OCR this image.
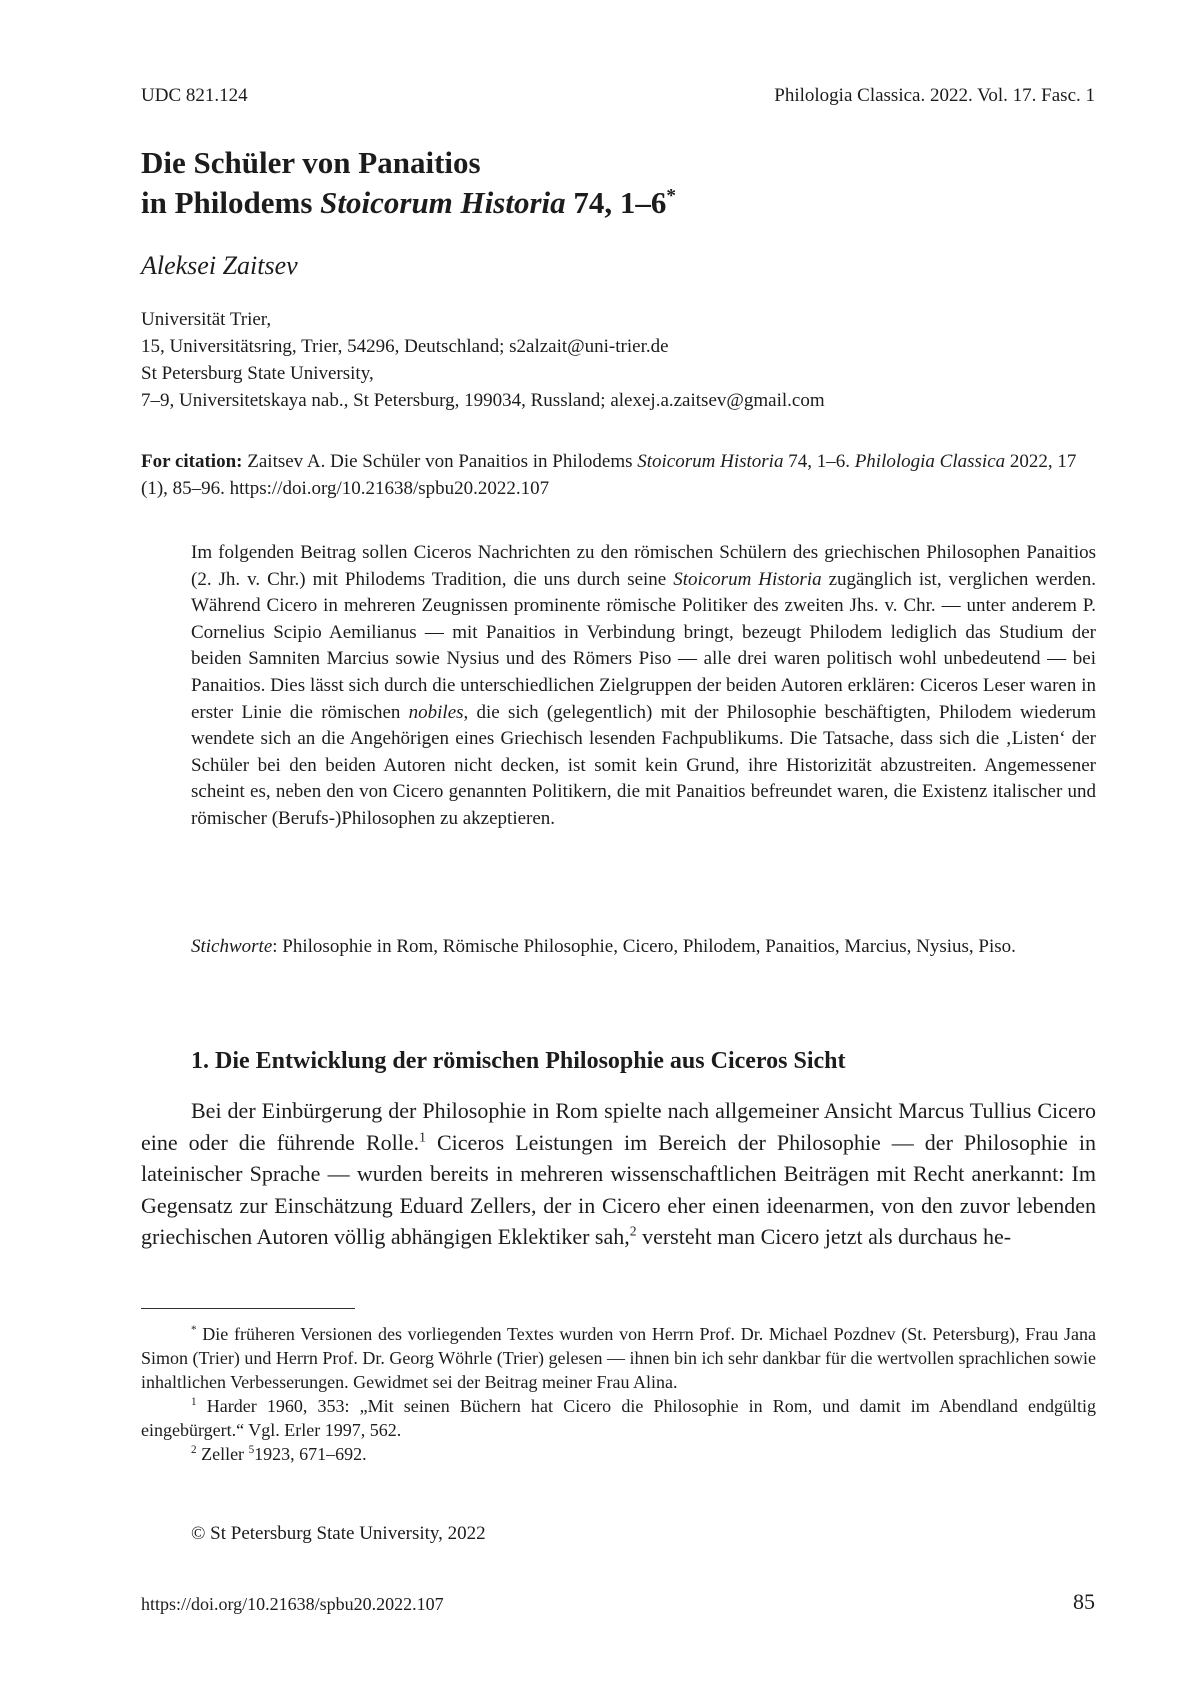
UDC 821.124	Philologia Classica. 2022. Vol. 17. Fasc. 1
Die Schüler von Panaitios
in Philodems Stoicorum Historia 74, 1–6*
Aleksei Zaitsev
Universität Trier,
15, Universitätsring, Trier, 54296, Deutschland; s2alzait@uni-trier.de
St Petersburg State University,
7–9, Universitetskaya nab., St Petersburg, 199034, Russland; alexej.a.zaitsev@gmail.com
For citation: Zaitsev A. Die Schüler von Panaitios in Philodems Stoicorum Historia 74, 1–6. Philologia Classica 2022, 17 (1), 85–96. https://doi.org/10.21638/spbu20.2022.107
Im folgenden Beitrag sollen Ciceros Nachrichten zu den römischen Schülern des griechischen Philosophen Panaitios (2. Jh. v. Chr.) mit Philodems Tradition, die uns durch seine Stoicorum Historia zugänglich ist, verglichen werden. Während Cicero in mehreren Zeugnissen prominente römische Politiker des zweiten Jhs. v. Chr. — unter anderem P. Cornelius Scipio Aemilianus — mit Panaitios in Verbindung bringt, bezeugt Philodem lediglich das Studium der beiden Samniten Marcius sowie Nysius und des Römers Piso — alle drei waren politisch wohl unbedeutend — bei Panaitios. Dies lässt sich durch die unterschiedlichen Zielgruppen der beiden Autoren erklären: Ciceros Leser waren in erster Linie die römischen nobiles, die sich (gelegentlich) mit der Philosophie beschäftigten, Philodem wiederum wendete sich an die Angehörigen eines Griechisch lesenden Fachpublikums. Die Tatsache, dass sich die ‚Listen‘ der Schüler bei den beiden Autoren nicht decken, ist somit kein Grund, ihre Historizität abzustreiten. Angemessener scheint es, neben den von Cicero genannten Politikern, die mit Panaitios befreundet waren, die Existenz italischer und römischer (Berufs-)Philosophen zu akzeptieren.
Stichworte: Philosophie in Rom, Römische Philosophie, Cicero, Philodem, Panaitios, Marcius, Nysius, Piso.
1. Die Entwicklung der römischen Philosophie aus Ciceros Sicht

Bei der Einbürgerung der Philosophie in Rom spielte nach allgemeiner Ansicht Marcus Tullius Cicero eine oder die führende Rolle.$^1$ Ciceros Leistungen im Bereich der Philosophie — der Philosophie in lateinischer Sprache — wurden bereits in mehreren wissenschaftlichen Beiträgen mit Recht anerkannt: Im Gegensatz zur Einschätzung Eduard Zellers, der in Cicero eher einen ideenarmen, von den zuvor lebenden griechischen Autoren völlig abhängigen Eklektiker sah,$^2$ versteht man Cicero jetzt als durchaus he-

* Die früheren Versionen des vorliegenden Textes wurden von Herrn Prof. Dr. Michael Pozdnev (St. Petersburg), Frau Jana Simon (Trier) und Herrn Prof. Dr. Georg Wöhrle (Trier) gelesen — ihnen bin ich sehr dankbar für die wertvollen sprachlichen sowie inhaltlichen Verbesserungen. Gewidmet sei der Beitrag meiner Frau Alina.

$^1$ Harder 1960, 353: „Mit seinen Büchern hat Cicero die Philosophie in Rom, und damit im Abendland endgültig eingebürgert.“ Vgl. Erler 1997, 562.

$^2$ Zeller $^5$1923, 671–692.

© St Petersburg State University, 2022
https://doi.org/10.21638/spbu20.2022.107	85
